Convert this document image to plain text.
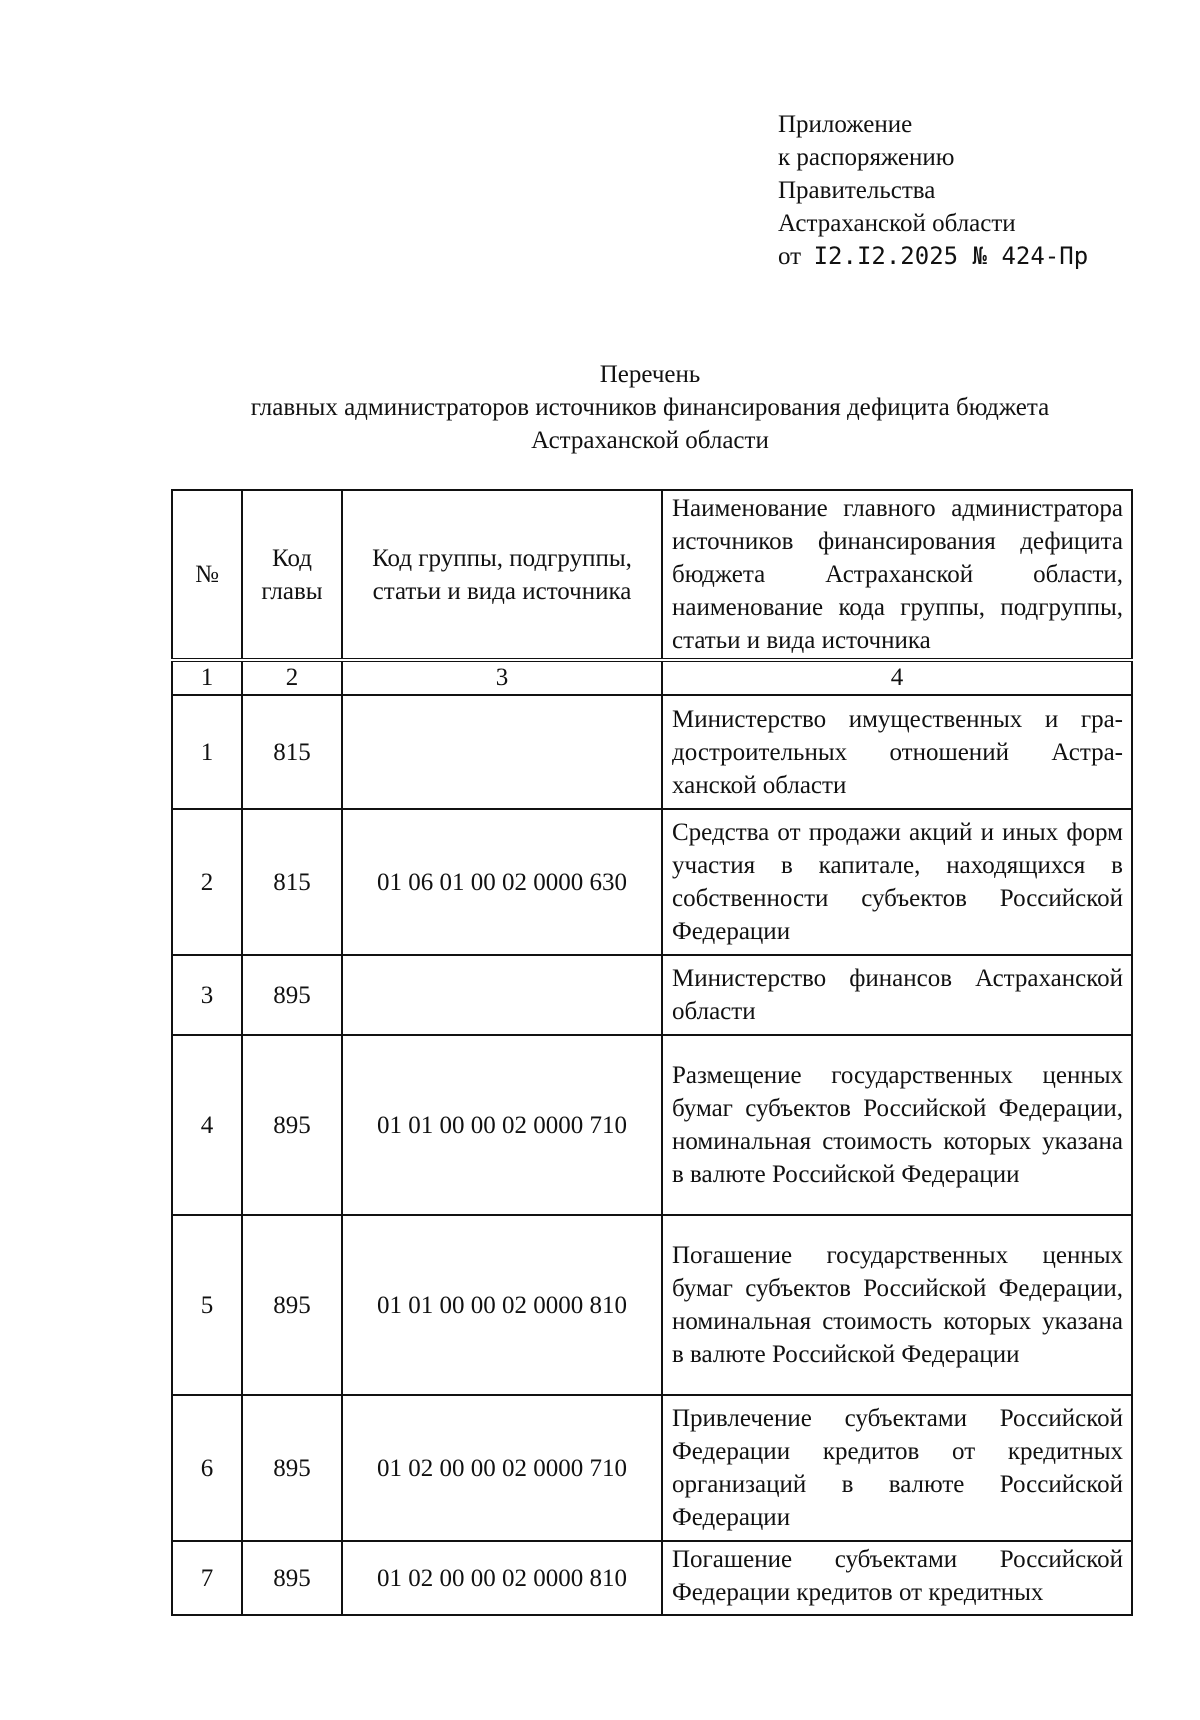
Приложение
к распоряжению
Правительства
Астраханской области
от I2.I2.2025 № 424-Пр
Перечень
главных администраторов источников финансирования дефицита бюджета
Астраханской области
№	Код главы	Код группы, подгруппы, статьи и вида источника	Наименование главного администратора источников финансирования дефицита бюджета Астраханской области, наименование кода группы, подгруппы, статьи и вида источника
1	2	3	4
1	815		Министерство имущественных и градостроительных отношений Астраханской области
2	815	01 06 01 00 02 0000 630	Средства от продажи акций и иных форм участия в капитале, находящихся в собственности субъектов Российской Федерации
3	895		Министерство финансов Астраханской области
4	895	01 01 00 00 02 0000 710	Размещение государственных ценных бумаг субъектов Российской Федерации, номинальная стоимость которых указана в валюте Российской Федерации
5	895	01 01 00 00 02 0000 810	Погашение государственных ценных бумаг субъектов Российской Федерации, номинальная стоимость которых указана в валюте Российской Федерации
6	895	01 02 00 00 02 0000 710	Привлечение субъектами Российской Федерации кредитов от кредитных организаций в валюте Российской Федерации
7	895	01 02 00 00 02 0000 810	Погашение субъектами Российской Федерации кредитов от кредитных
